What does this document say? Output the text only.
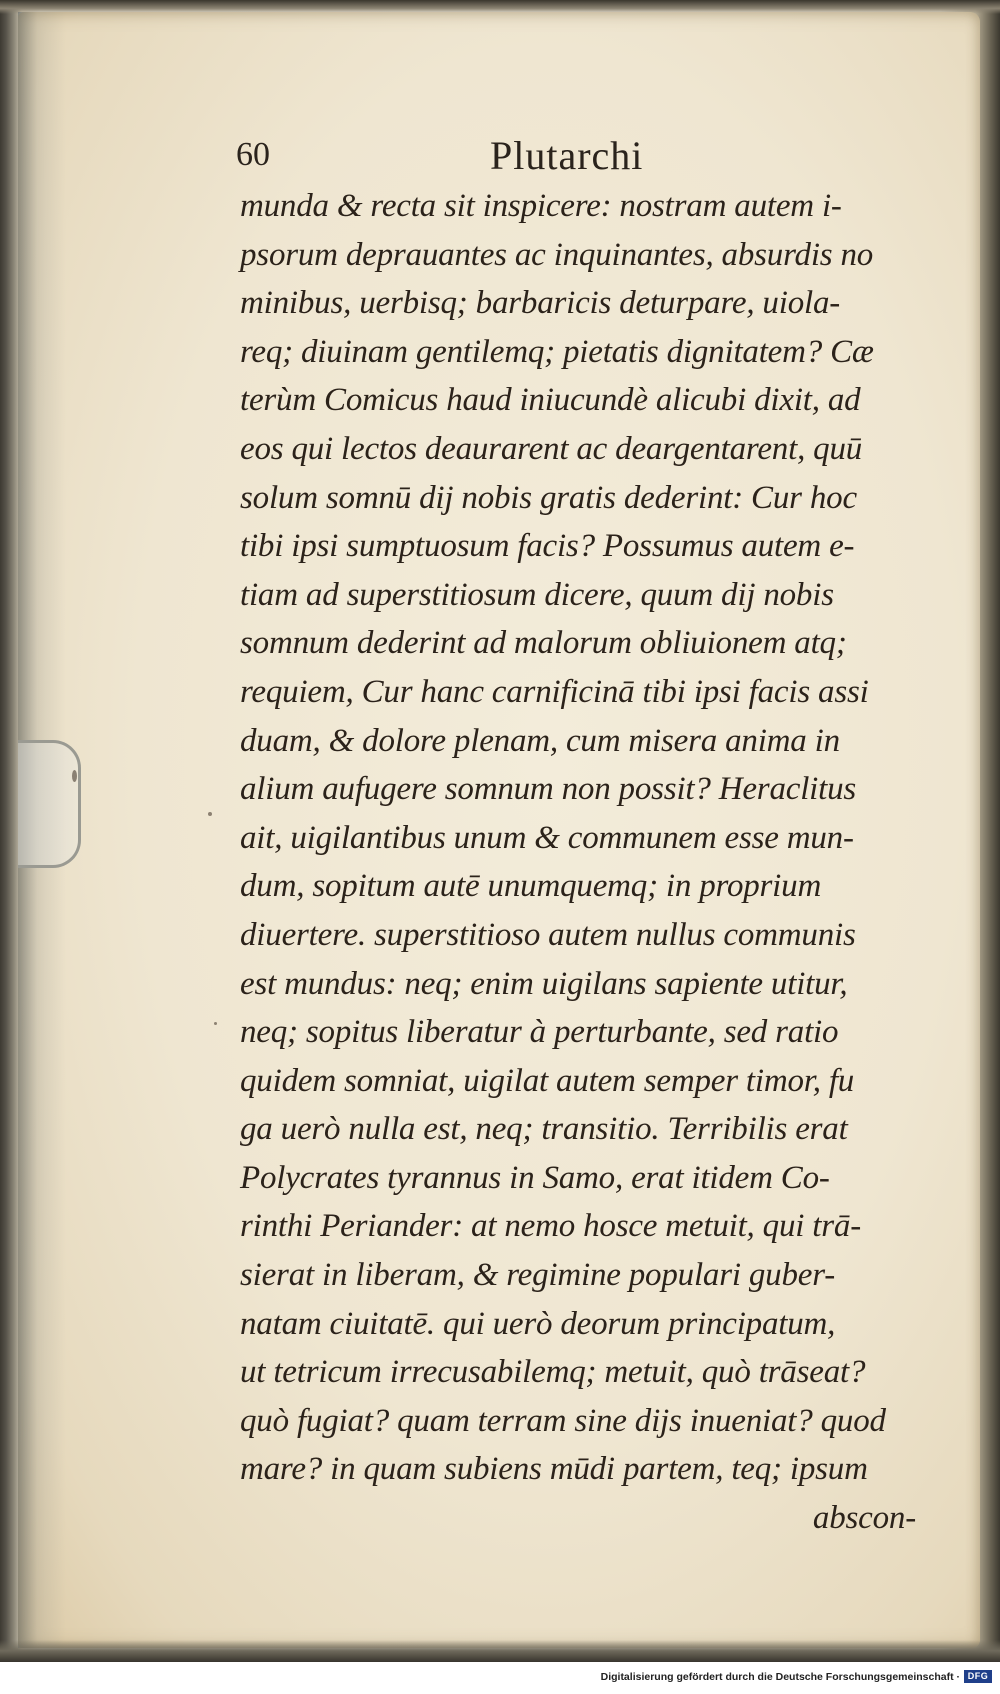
60	Plutarchi
munda & recta sit inspicere: nostram autem i-
psorum deprauantes ac inquinantes, absurdis no
minibus, uerbisq; barbaricis deturpare, uiola-
req; diuinam gentilemq; pietatis dignitatem? Cæ
terùm Comicus haud iniucundè alicubi dixit, ad
eos qui lectos deaurarent ac deargentarent, quū
solum somnū dij nobis gratis dederint: Cur hoc
tibi ipsi sumptuosum facis? Possumus autem e-
tiam ad superstitiosum dicere, quum dij nobis
somnum dederint ad malorum obliuionem atq;
requiem, Cur hanc carnificinā tibi ipsi facis assi
duam, & dolore plenam, cum misera anima in
alium aufugere somnum non possit? Heraclitus
ait, uigilantibus unum & communem esse mun-
dum, sopitum autē unumquemq; in proprium
diuertere. superstitioso autem nullus communis
est mundus: neq; enim uigilans sapiente utitur,
neq; sopitus liberatur à perturbante, sed ratio
quidem somniat, uigilat autem semper timor, fu
ga uerò nulla est, neq; transitio. Terribilis erat
Polycrates tyrannus in Samo, erat itidem Co-
rinthi Periander: at nemo hosce metuit, qui trā-
sierat in liberam, & regimine populari guber-
natam ciuitatē. qui uerò deorum principatum,
ut tetricum irrecusabilemq; metuit, quò trāseat?
quò fugiat? quam terram sine dijs inueniat? quod
mare? in quam subiens mūdi partem, teq; ipsum
abscon-
Digitalisierung gefördert durch die Deutsche Forschungsgemeinschaft · DFG
